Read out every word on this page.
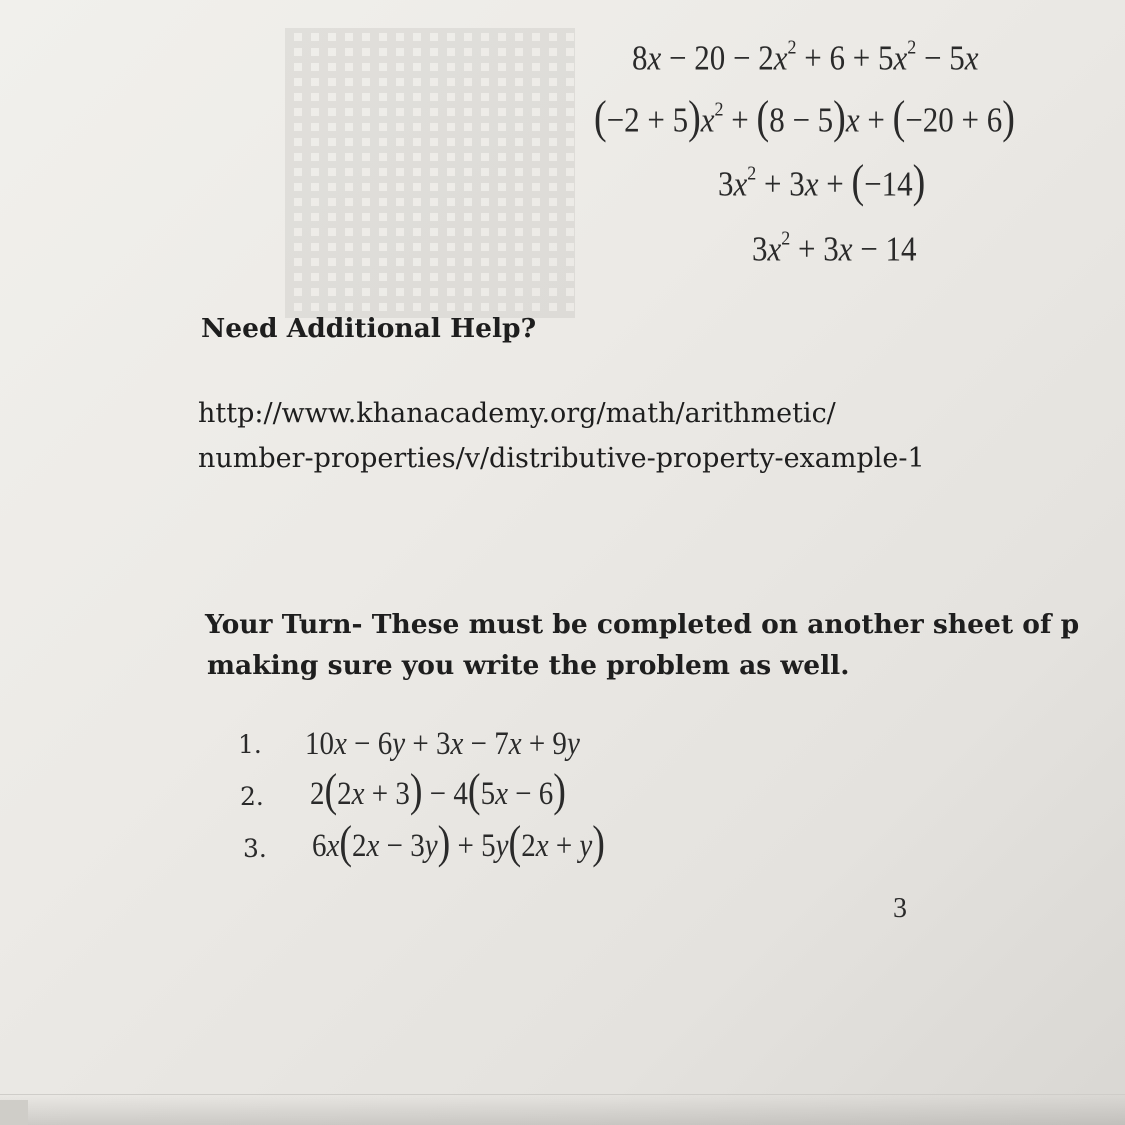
$8x - 20 - 2x^2 + 6 + 5x^2 - 5x$
$(-2 + 5)x^2 + (8 - 5)x + (-20 + 6)$
$3x^2 + 3x + (-14)$
$3x^2 + 3x - 14$
Need Additional Help?
http://www.khanacademy.org/math/arithmetic/
number-properties/v/distributive-property-example-1
Your Turn- These must be completed on another sheet of p
making sure you write the problem as well.
1. 10x − 6y + 3x − 7x + 9y
2. 2(2x + 3) − 4(5x − 6)
3. 6x(2x − 3y) + 5y(2x + y)
3
